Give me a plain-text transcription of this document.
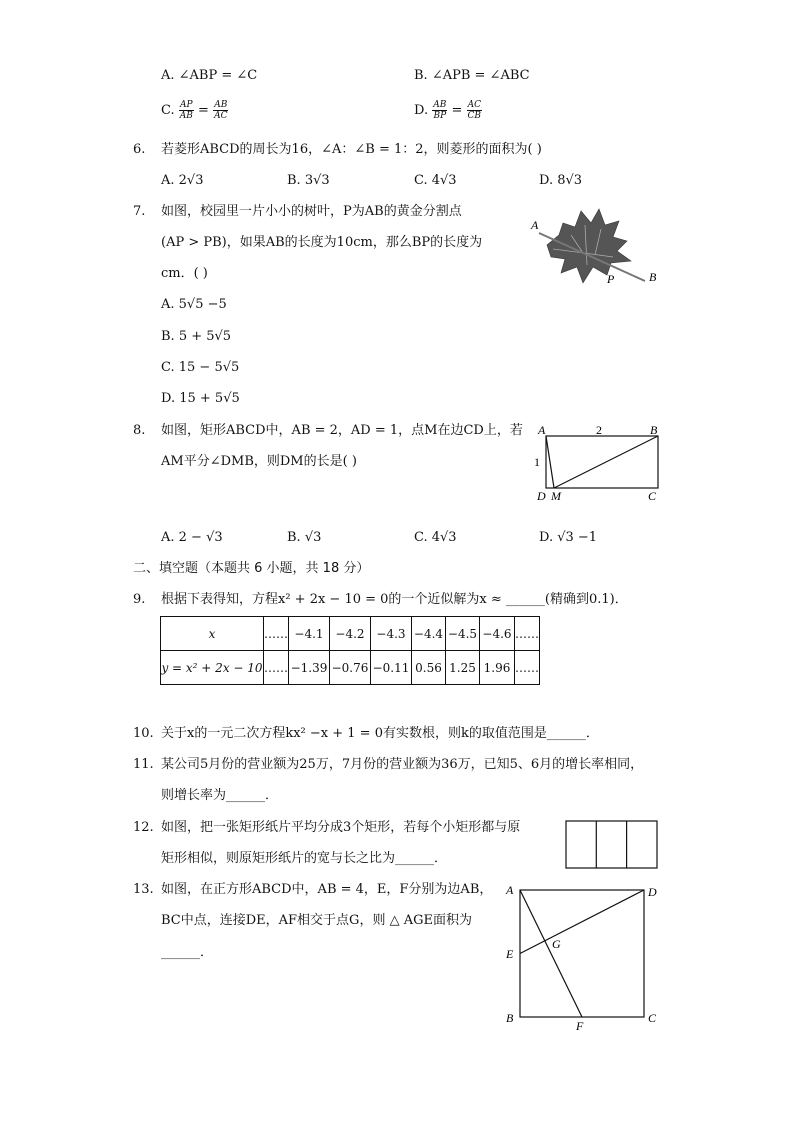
A. ∠ABP = ∠C	B. ∠APB = ∠ABC
C. $\frac{AP}{AB} = \frac{AB}{AC}$	D. $\frac{AB}{BP} = \frac{AC}{CB}$
6. 若菱形ABCD的周长为16，∠A：∠B = 1：2，则菱形的面积为( )
A. 2√3	B. 3√3	C. 4√3	D. 8√3
7. 如图，校园里一片小小的树叶，P为AB的黄金分割点
(AP > PB)，如果AB的长度为10cm，那么BP的长度为
cm．( )
A. 5√5 −5
B. 5 + 5√5
C. 15 − 5√5
D. 15 + 5√5
A
P	B
8. 如图，矩形ABCD中，AB = 2，AD = 1，点M在边CD上，若
AM平分∠DMB，则DM的长是( )
A	B
C
D M
2
1
A. 2 − √3	B. √3	C. 4√3	D. √3 −1
二、填空题（本题共 6 小题，共 18 分）
9. 根据下表得知，方程x² + 2x − 10 = 0的一个近似解为x ≈ ______(精确到0.1)．
x	……	−4.1	−4.2	−4.3	−4.4	−4.5	−4.6	……
y = x² + 2x − 10	……	−1.39	−0.76	−0.11	0.56	1.25	1.96	……
10. 关于x的一元二次方程kx² −x + 1 = 0有实数根，则k的取值范围是______．
11. 某公司5月份的营业额为25万，7月份的营业额为36万，已知5、6月的增长率相同，
则增长率为______．
12. 如图，把一张矩形纸片平均分成3个矩形，若每个小矩形都与原
矩形相似，则原矩形纸片的宽与长之比为______．
13. 如图，在正方形ABCD中，AB = 4，E，F分别为边AB，
BC中点，连接DE，AF相交于点G，则 △ AGE面积为
______．
A
B	C
D
E
F
G
